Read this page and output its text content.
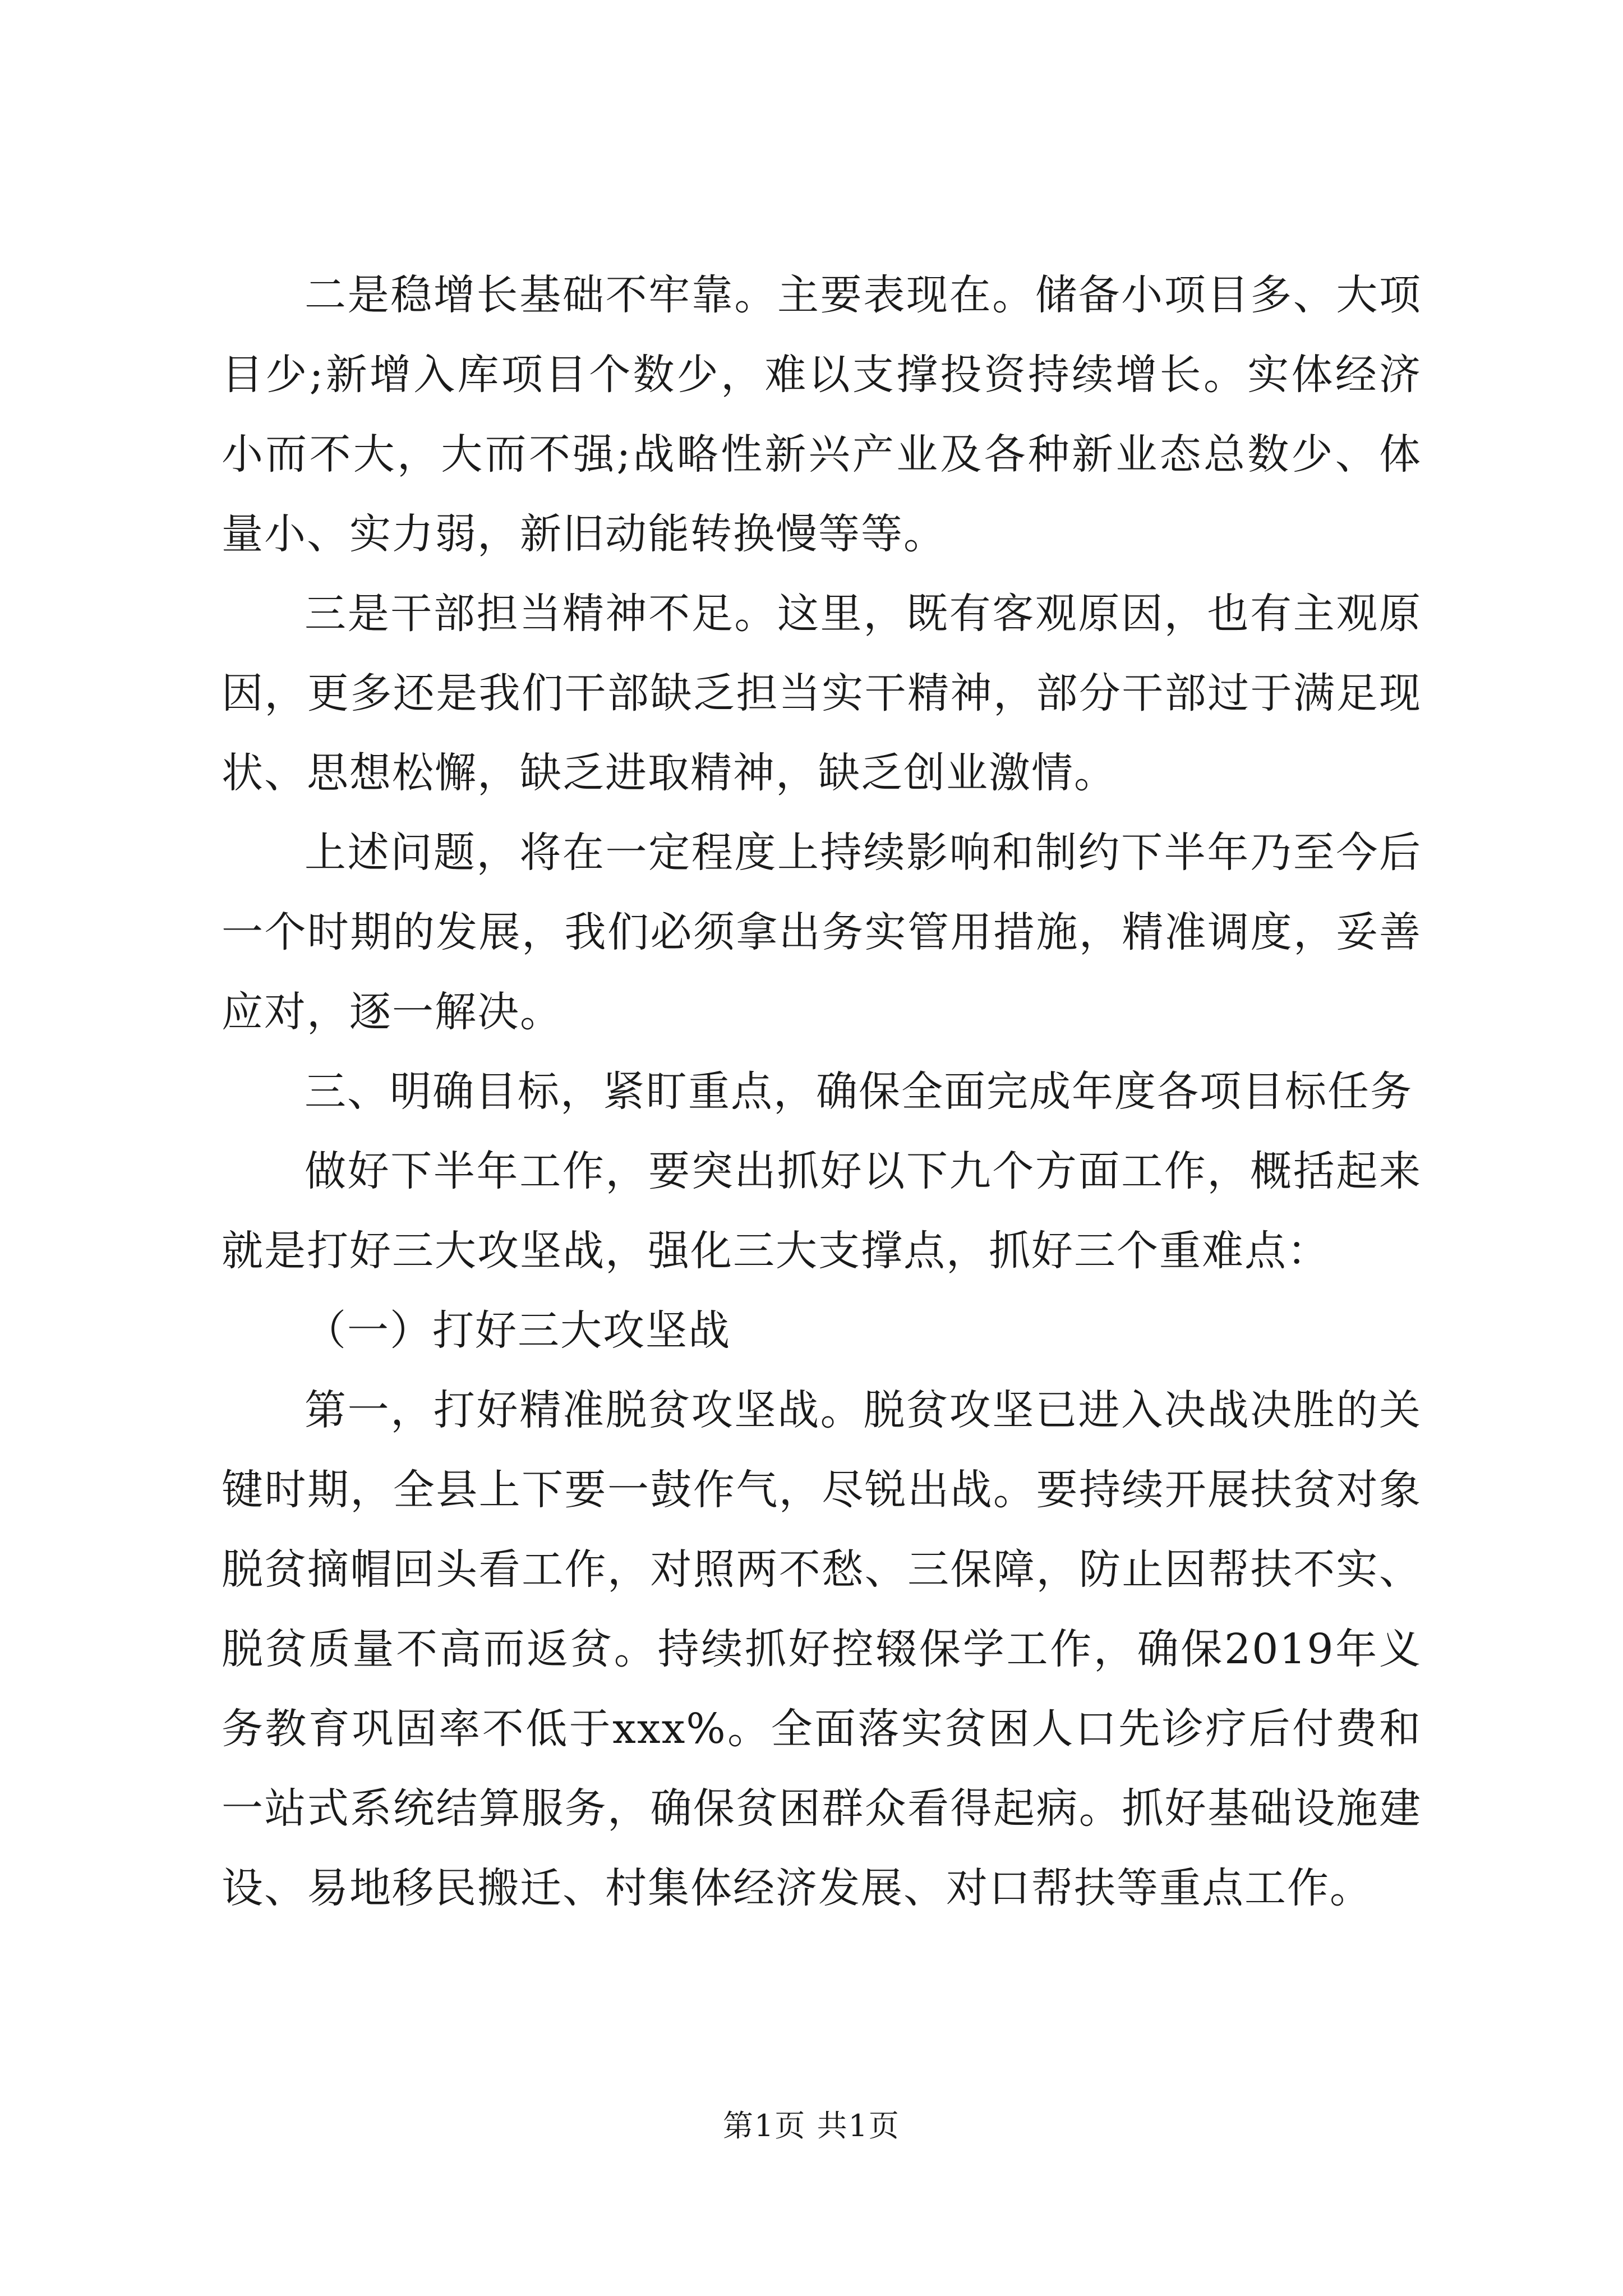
二是稳增长基础不牢靠。主要表现在。储备小项目多、大项目少;新增入库项目个数少，难以支撑投资持续增长。实体经济小而不大，大而不强;战略性新兴产业及各种新业态总数少、体量小、实力弱，新旧动能转换慢等等。

三是干部担当精神不足。这里，既有客观原因，也有主观原因，更多还是我们干部缺乏担当实干精神，部分干部过于满足现状、思想松懈，缺乏进取精神，缺乏创业激情。

上述问题，将在一定程度上持续影响和制约下半年乃至今后一个时期的发展，我们必须拿出务实管用措施，精准调度，妥善应对，逐一解决。

三、明确目标，紧盯重点，确保全面完成年度各项目标任务

做好下半年工作，要突出抓好以下九个方面工作，概括起来就是打好三大攻坚战，强化三大支撑点，抓好三个重难点：

（一）打好三大攻坚战

第一，打好精准脱贫攻坚战。脱贫攻坚已进入决战决胜的关键时期，全县上下要一鼓作气，尽锐出战。要持续开展扶贫对象脱贫摘帽回头看工作，对照两不愁、三保障，防止因帮扶不实、脱贫质量不高而返贫。持续抓好控辍保学工作，确保2019年义务教育巩固率不低于xxx%。全面落实贫困人口先诊疗后付费和一站式系统结算服务，确保贫困群众看得起病。抓好基础设施建设、易地移民搬迁、村集体经济发展、对口帮扶等重点工作。

第1页 共1页
